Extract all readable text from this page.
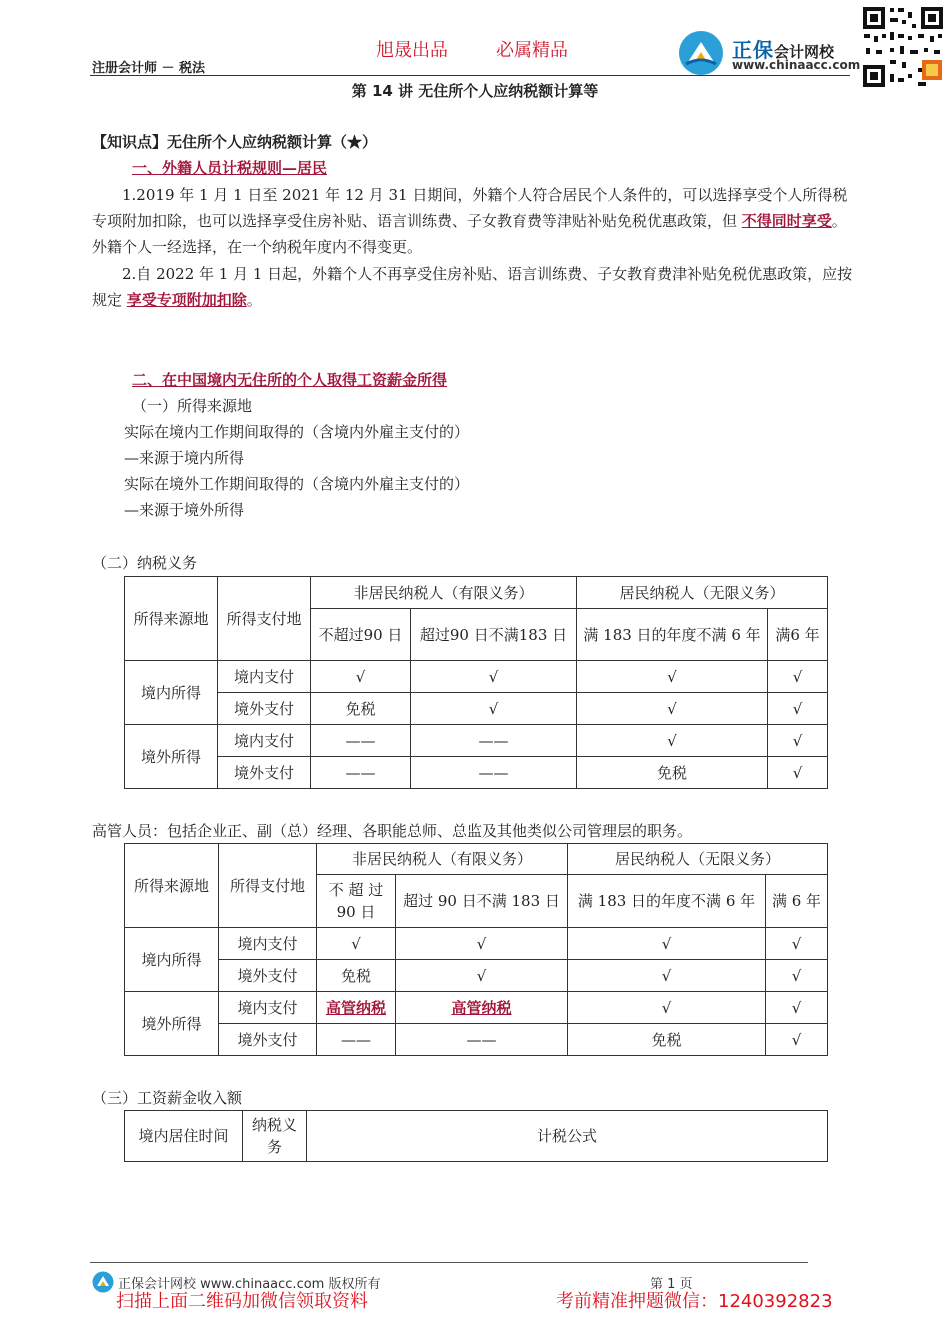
旭晟出品	必属精品	正保会计网校
www.chinaacc.com
注册会计师 － 税法
第 14 讲 无住所个人应纳税额计算等
【知识点】无住所个人应纳税额计算（★）
一、外籍人员计税规则—居民
1.2019 年 1 月 1 日至 2021 年 12 月 31 日期间，外籍个人符合居民个人条件的，可以选择享受个人所得税专项附加扣除，也可以选择享受住房补贴、语言训练费、子女教育费等津贴补贴免税优惠政策，但 不得同时享受。外籍个人一经选择，在一个纳税年度内不得变更。
2.自 2022 年 1 月 1 日起，外籍个人不再享受住房补贴、语言训练费、子女教育费津补贴免税优惠政策，应按规定 享受专项附加扣除。
二、在中国境内无住所的个人取得工资薪金所得
（一）所得来源地
实际在境内工作期间取得的（含境内外雇主支付的）
—来源于境内所得
实际在境外工作期间取得的（含境内外雇主支付的）
—来源于境外所得
（二）纳税义务
所得来源地	所得支付地	非居民纳税人（有限义务）		居民纳税人（无限义务）	
		不超过90 日	超过90 日不满183 日	满 183 日的年度不满 6 年	满6 年
境内所得	境内支付	√	√	√	√
	境外支付	免税	√	√	√
境外所得	境内支付	——	——	√	√
	境外支付	——	——	免税	√
高管人员：包括企业正、副（总）经理、各职能总师、总监及其他类似公司管理层的职务。
所得来源地	所得支付地	非居民纳税人（有限义务）		居民纳税人（无限义务）	
		不 超 过 90 日	超过 90 日不满 183 日	满 183 日的年度不满 6 年	满 6 年
境内所得	境内支付	√	√	√	√
	境外支付	免税	√	√	√
境外所得	境内支付	高管纳税	高管纳税	√	√
	境外支付	——	——	免税	√
（三）工资薪金收入额
境内居住时间	纳税义务	计税公式
正保会计网校 www.chinaacc.com 版权所有	第 1 页
扫描上面二维码加微信领取资料	考前精准押题微信：1240392823
